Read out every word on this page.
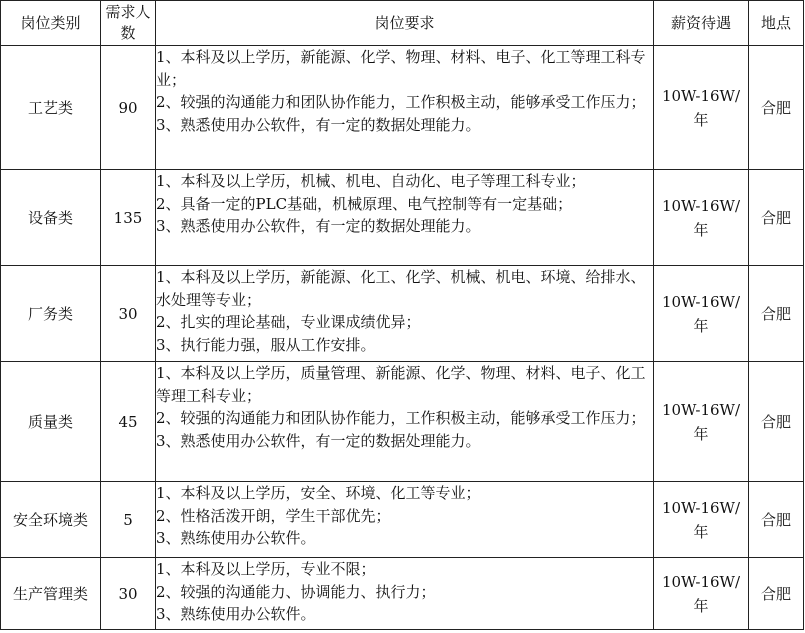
岗位类别	需求人数	岗位要求	薪资待遇	地点
工艺类	90	1、本科及以上学历，新能源、化学、物理、材料、电子、化工等理工科专业；
2、较强的沟通能力和团队协作能力，工作积极主动，能够承受工作压力；
3、熟悉使用办公软件，有一定的数据处理能力。	10W-16W/年	合肥
设备类	135	1、本科及以上学历，机械、机电、自动化、电子等理工科专业；
2、具备一定的PLC基础，机械原理、电气控制等有一定基础；
3、熟悉使用办公软件，有一定的数据处理能力。	10W-16W/年	合肥
厂务类	30	1、本科及以上学历，新能源、化工、化学、机械、机电、环境、给排水、水处理等专业；
2、扎实的理论基础，专业课成绩优异；
3、执行能力强，服从工作安排。	10W-16W/年	合肥
质量类	45	1、本科及以上学历，质量管理、新能源、化学、物理、材料、电子、化工等理工科专业；
2、较强的沟通能力和团队协作能力，工作积极主动，能够承受工作压力；
3、熟悉使用办公软件，有一定的数据处理能力。	10W-16W/年	合肥
安全环境类	5	1、本科及以上学历，安全、环境、化工等专业；
2、性格活泼开朗，学生干部优先；
3、熟练使用办公软件。	10W-16W/年	合肥
生产管理类	30	1、本科及以上学历，专业不限；
2、较强的沟通能力、协调能力、执行力；
3、熟练使用办公软件。	10W-16W/年	合肥
